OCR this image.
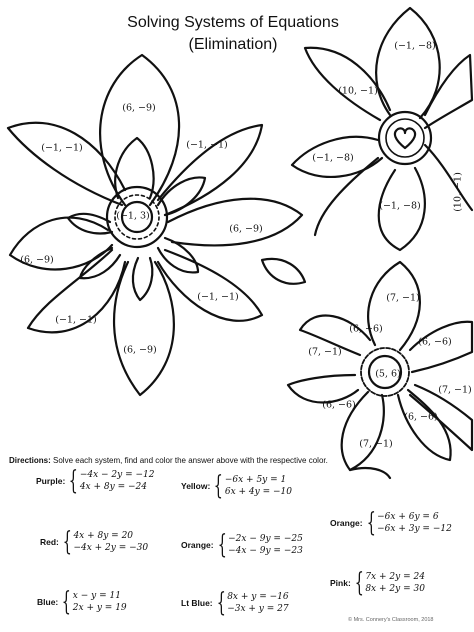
Solving Systems of Equations
(Elimination)
(−1, 3)
(6, −9)
(−1, −1)	(−1, −1)
(6, −9)
(6, −9)
(−1, −1)
(−1, −1)
(6, −9)
(−1, −8)
(10, −1)
(−1, −8)
(−1, −8)	(10, −1)
(5, 6)
(7, −1)
(6, −6)
(6, −6)
(7, −1)
(7, −1)
(6, −6)
(6, −6)
(7, −1)
Directions: Solve each system, find and color the answer above with the respective color.
Purple: { −4x − 2y = −12
4x + 8y = −24	Yellow: { −6x + 5y = 1
6x + 4y = −10
Orange: { −6x + 6y = 6
−6x + 3y = −12
Red: { 4x + 8y = 20
−4x + 2y = −30	Orange: { −2x − 9y = −25
−4x − 9y = −23
Pink: { 7x + 2y = 24
8x + 2y = 30
Blue: { x − y = 11
2x + y = 19	Lt Blue: { 8x + y = −16
−3x + y = 27
© Mrs. Connery's Classroom, 2018
